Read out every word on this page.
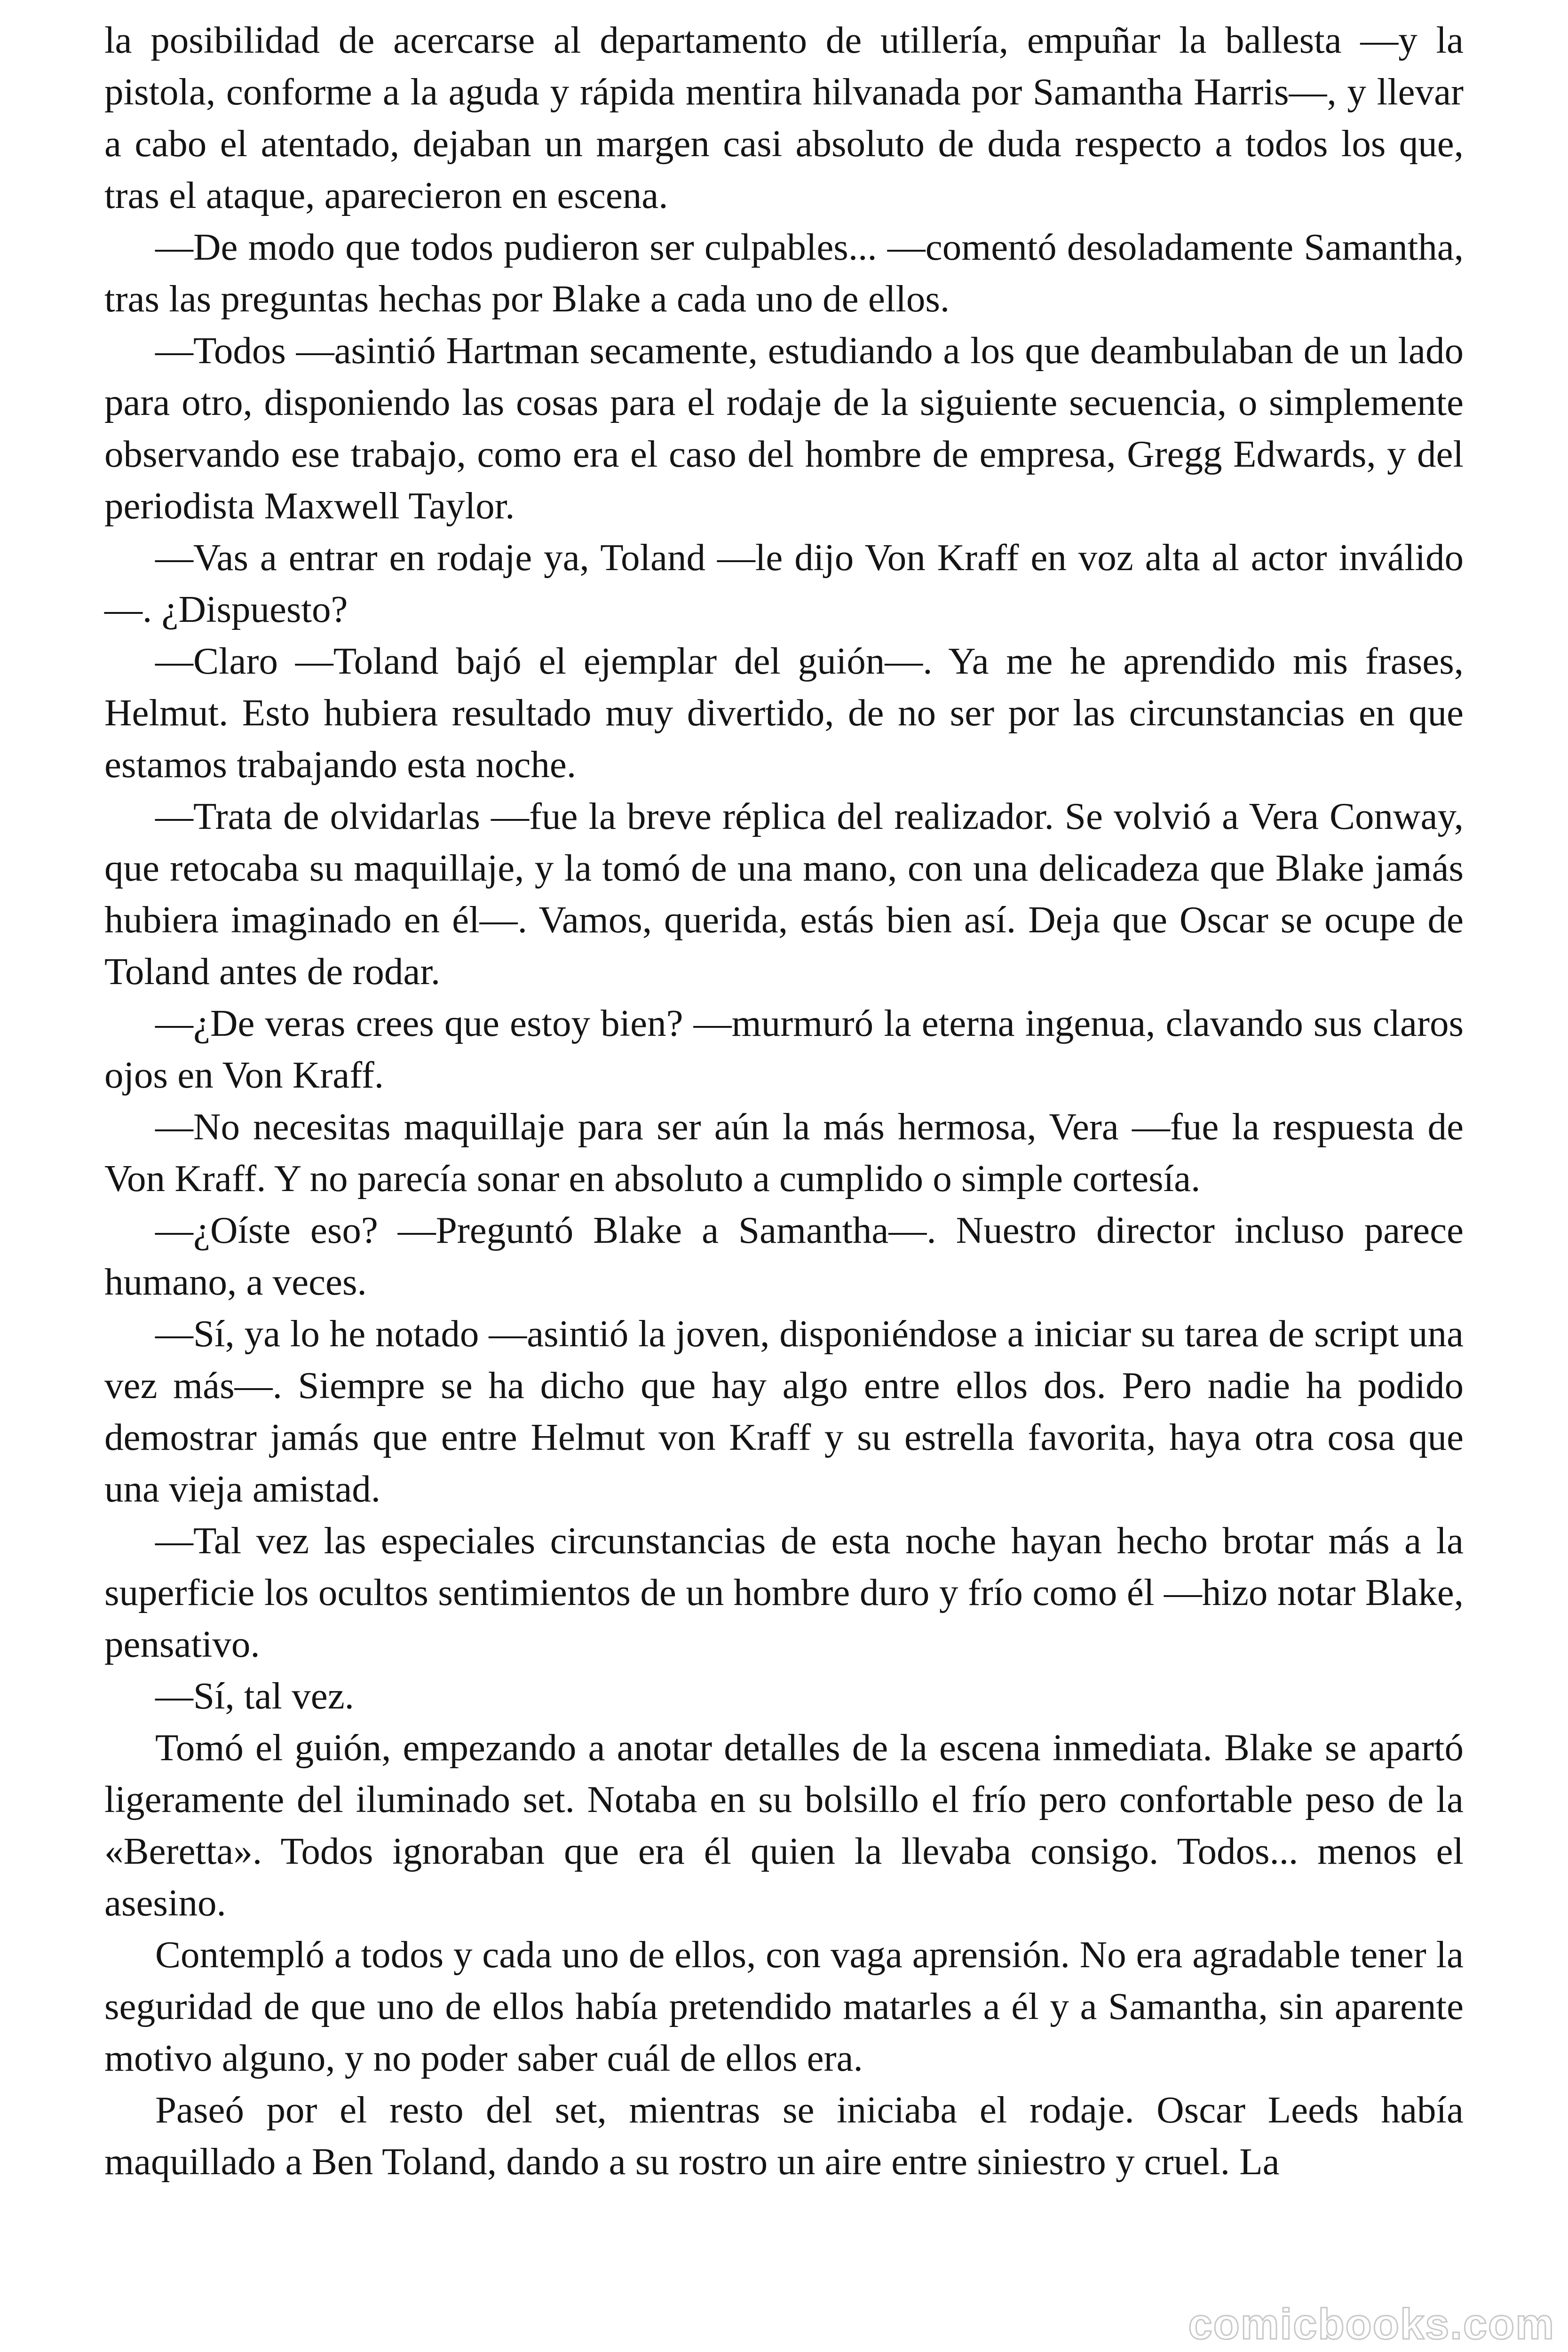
la posibilidad de acercarse al departamento de utillería, empuñar la ballesta —y la pistola, conforme a la aguda y rápida mentira hilvanada por Samantha Harris—, y llevar a cabo el atentado, dejaban un margen casi absoluto de duda respecto a todos los que, tras el ataque, aparecieron en escena.

—De modo que todos pudieron ser culpables... —comentó desoladamente Samantha, tras las preguntas hechas por Blake a cada uno de ellos.

—Todos —asintió Hartman secamente, estudiando a los que deambulaban de un lado para otro, disponiendo las cosas para el rodaje de la siguiente secuencia, o simplemente observando ese trabajo, como era el caso del hombre de empresa, Gregg Edwards, y del periodista Maxwell Taylor.

—Vas a entrar en rodaje ya, Toland —le dijo Von Kraff en voz alta al actor inválido—. ¿Dispuesto?

—Claro —Toland bajó el ejemplar del guión—. Ya me he aprendido mis frases, Helmut. Esto hubiera resultado muy divertido, de no ser por las circunstancias en que estamos trabajando esta noche.

—Trata de olvidarlas —fue la breve réplica del realizador. Se volvió a Vera Conway, que retocaba su maquillaje, y la tomó de una mano, con una delicadeza que Blake jamás hubiera imaginado en él—. Vamos, querida, estás bien así. Deja que Oscar se ocupe de Toland antes de rodar.

—¿De veras crees que estoy bien? —murmuró la eterna ingenua, clavando sus claros ojos en Von Kraff.

—No necesitas maquillaje para ser aún la más hermosa, Vera —fue la respuesta de Von Kraff. Y no parecía sonar en absoluto a cumplido o simple cortesía.

—¿Oíste eso? —Preguntó Blake a Samantha—. Nuestro director incluso parece humano, a veces.

—Sí, ya lo he notado —asintió la joven, disponiéndose a iniciar su tarea de script una vez más—. Siempre se ha dicho que hay algo entre ellos dos. Pero nadie ha podido demostrar jamás que entre Helmut von Kraff y su estrella favorita, haya otra cosa que una vieja amistad.

—Tal vez las especiales circunstancias de esta noche hayan hecho brotar más a la superficie los ocultos sentimientos de un hombre duro y frío como él —hizo notar Blake, pensativo.

—Sí, tal vez.

Tomó el guión, empezando a anotar detalles de la escena inmediata. Blake se apartó ligeramente del iluminado set. Notaba en su bolsillo el frío pero confortable peso de la «Beretta». Todos ignoraban que era él quien la llevaba consigo. Todos... menos el asesino.

Contempló a todos y cada uno de ellos, con vaga aprensión. No era agradable tener la seguridad de que uno de ellos había pretendido matarles a él y a Samantha, sin aparente motivo alguno, y no poder saber cuál de ellos era.

Paseó por el resto del set, mientras se iniciaba el rodaje. Oscar Leeds había maquillado a Ben Toland, dando a su rostro un aire entre siniestro y cruel. La

comicbooks.com
